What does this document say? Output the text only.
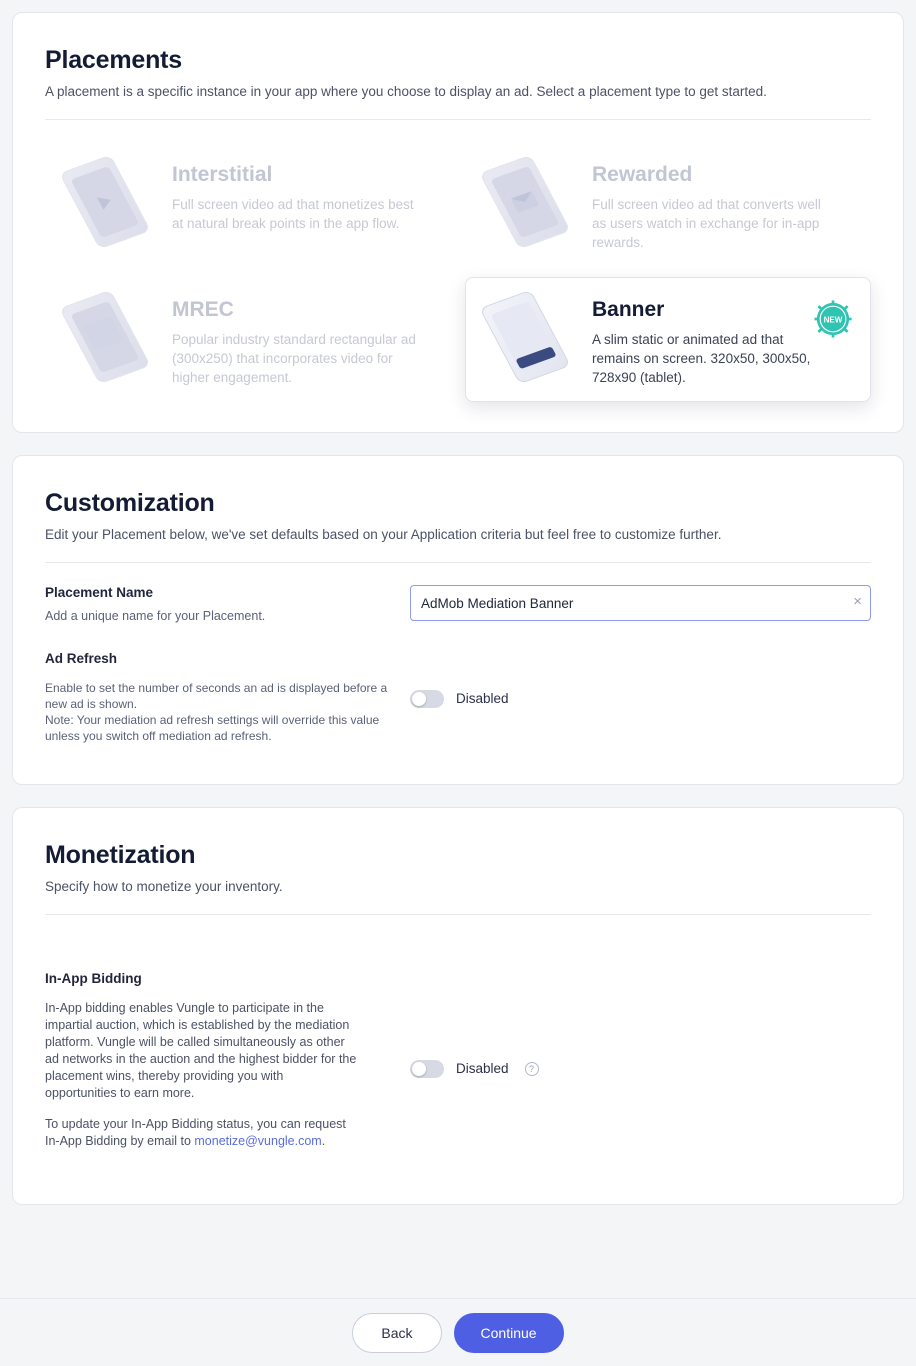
Placements

A placement is a specific instance in your app where you choose to display an ad. Select a placement type to get started.

Interstitial
Full screen video ad that monetizes best at natural break points in the app flow.
Rewarded
Full screen video ad that converts well as users watch in exchange for in-app rewards.
MREC
Popular industry standard rectangular ad (300x250) that incorporates video for higher engagement.
Banner
A slim static or animated ad that remains on screen. 320x50, 300x50, 728x90 (tablet).
NEW
Customization

Edit your Placement below, we've set defaults based on your Application criteria but feel free to customize further.

Placement Name
Add a unique name for your Placement.
AdMob Mediation Banner
×
Ad Refresh
Enable to set the number of seconds an ad is displayed before a new ad is shown.
Note: Your mediation ad refresh settings will override this value unless you switch off mediation ad refresh.
Disabled
Monetization

Specify how to monetize your inventory.

In-App Bidding
In-App bidding enables Vungle to participate in the impartial auction, which is established by the mediation platform. Vungle will be called simultaneously as other ad networks in the auction and the highest bidder for the placement wins, thereby providing you with opportunities to earn more.
To update your In-App Bidding status, you can request In-App Bidding by email to monetize@vungle.com.
Disabled	?
Back	Continue
